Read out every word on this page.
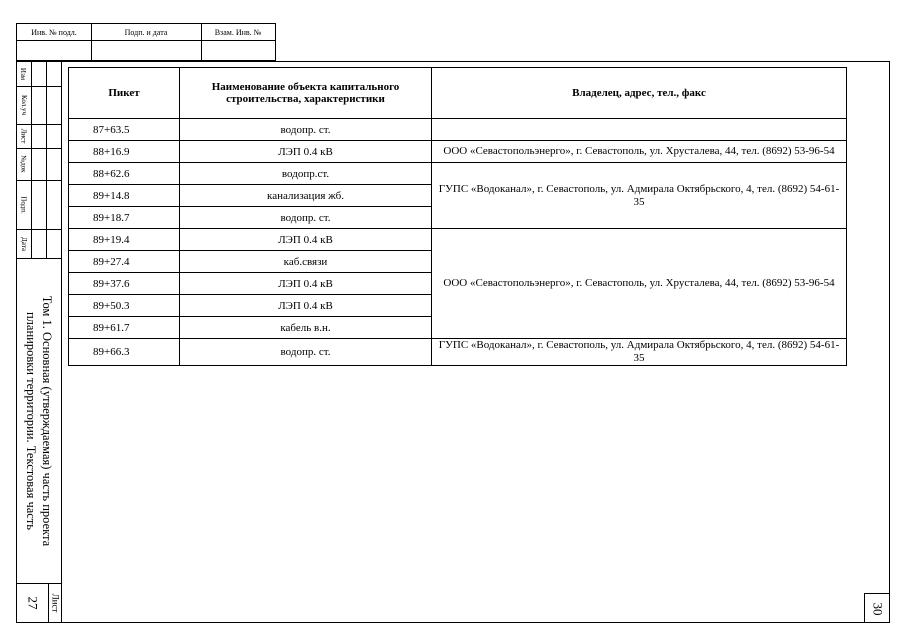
Инв. № подл.	Подп. и дата	Взам. Инв. №
Изм
Кол.уч
Лист
№док
Подп.
Дата
Том 1. Основная (утверждаемая) часть проекта планировки территории. Текстовая часть
27 Лист	30
Пикет	Наименование объекта капитального строительства, характеристики	Владелец, адрес, тел., факс
87+63.5	водопр. ст.	
88+16.9	ЛЭП 0.4 кВ	ООО «Севастопольэнерго», г. Севастополь, ул. Хрусталева, 44, тел. (8692) 53-96-54
88+62.6	водопр.ст.	ГУПС «Водоканал», г. Севастополь, ул. Адмирала Октябрьского, 4, тел. (8692) 54-61-35
89+14.8	канализация жб.	
89+18.7	водопр. ст.	
89+19.4	ЛЭП 0.4 кВ	ООО «Севастопольэнерго», г. Севастополь, ул. Хрусталева, 44, тел. (8692) 53-96-54
89+27.4	каб.связи	
89+37.6	ЛЭП 0.4 кВ	
89+50.3	ЛЭП 0.4 кВ	
89+61.7	кабель в.н.	
89+66.3	водопр. ст.	ГУПС «Водоканал», г. Севастополь, ул. Адмирала Октябрьского, 4, тел. (8692) 54-61-35
